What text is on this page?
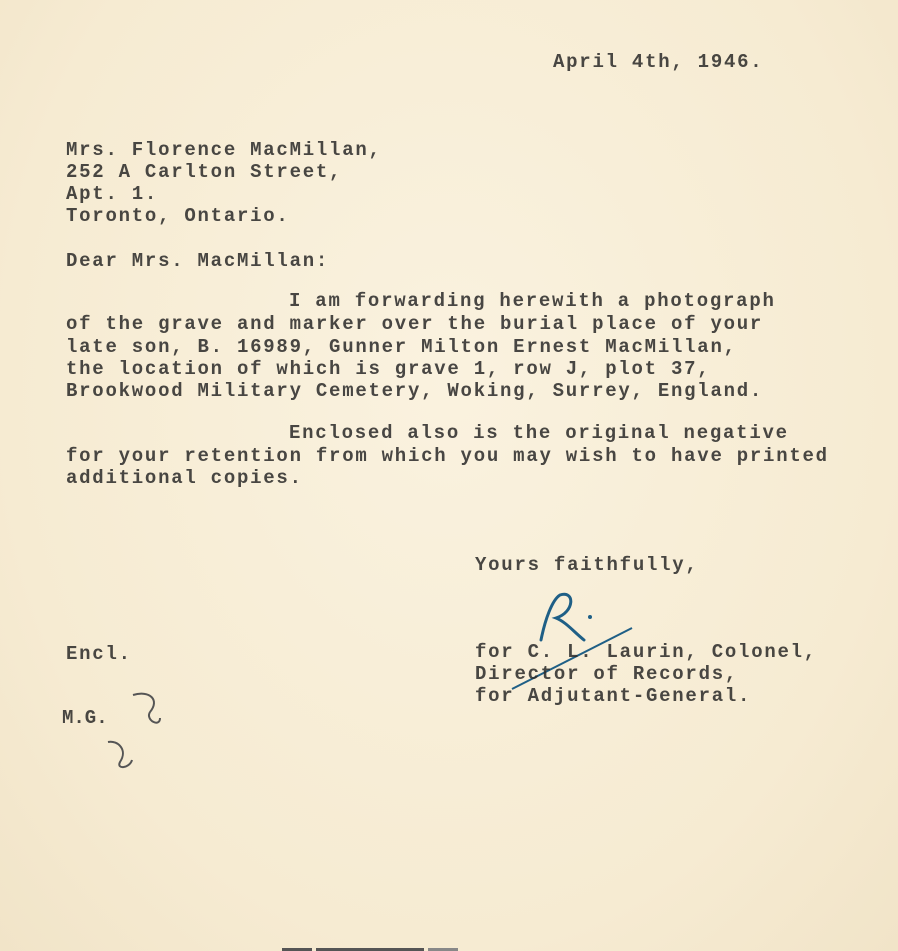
April 4th, 1946.
Mrs. Florence MacMillan,
252 A Carlton Street,
Apt. 1.
Toronto, Ontario.
Dear Mrs. MacMillan:
I am forwarding herewith a photograph
of the grave and marker over the burial place of your
late son, B. 16989, Gunner Milton Ernest MacMillan,
the location of which is grave 1, row J, plot 37,
Brookwood Military Cemetery, Woking, Surrey, England.
Enclosed also is the original negative
for your retention from which you may wish to have printed
additional copies.
Yours faithfully,
for C. L. Laurin, Colonel,
Director of Records,
for Adjutant-General.
Encl.
M.G.
